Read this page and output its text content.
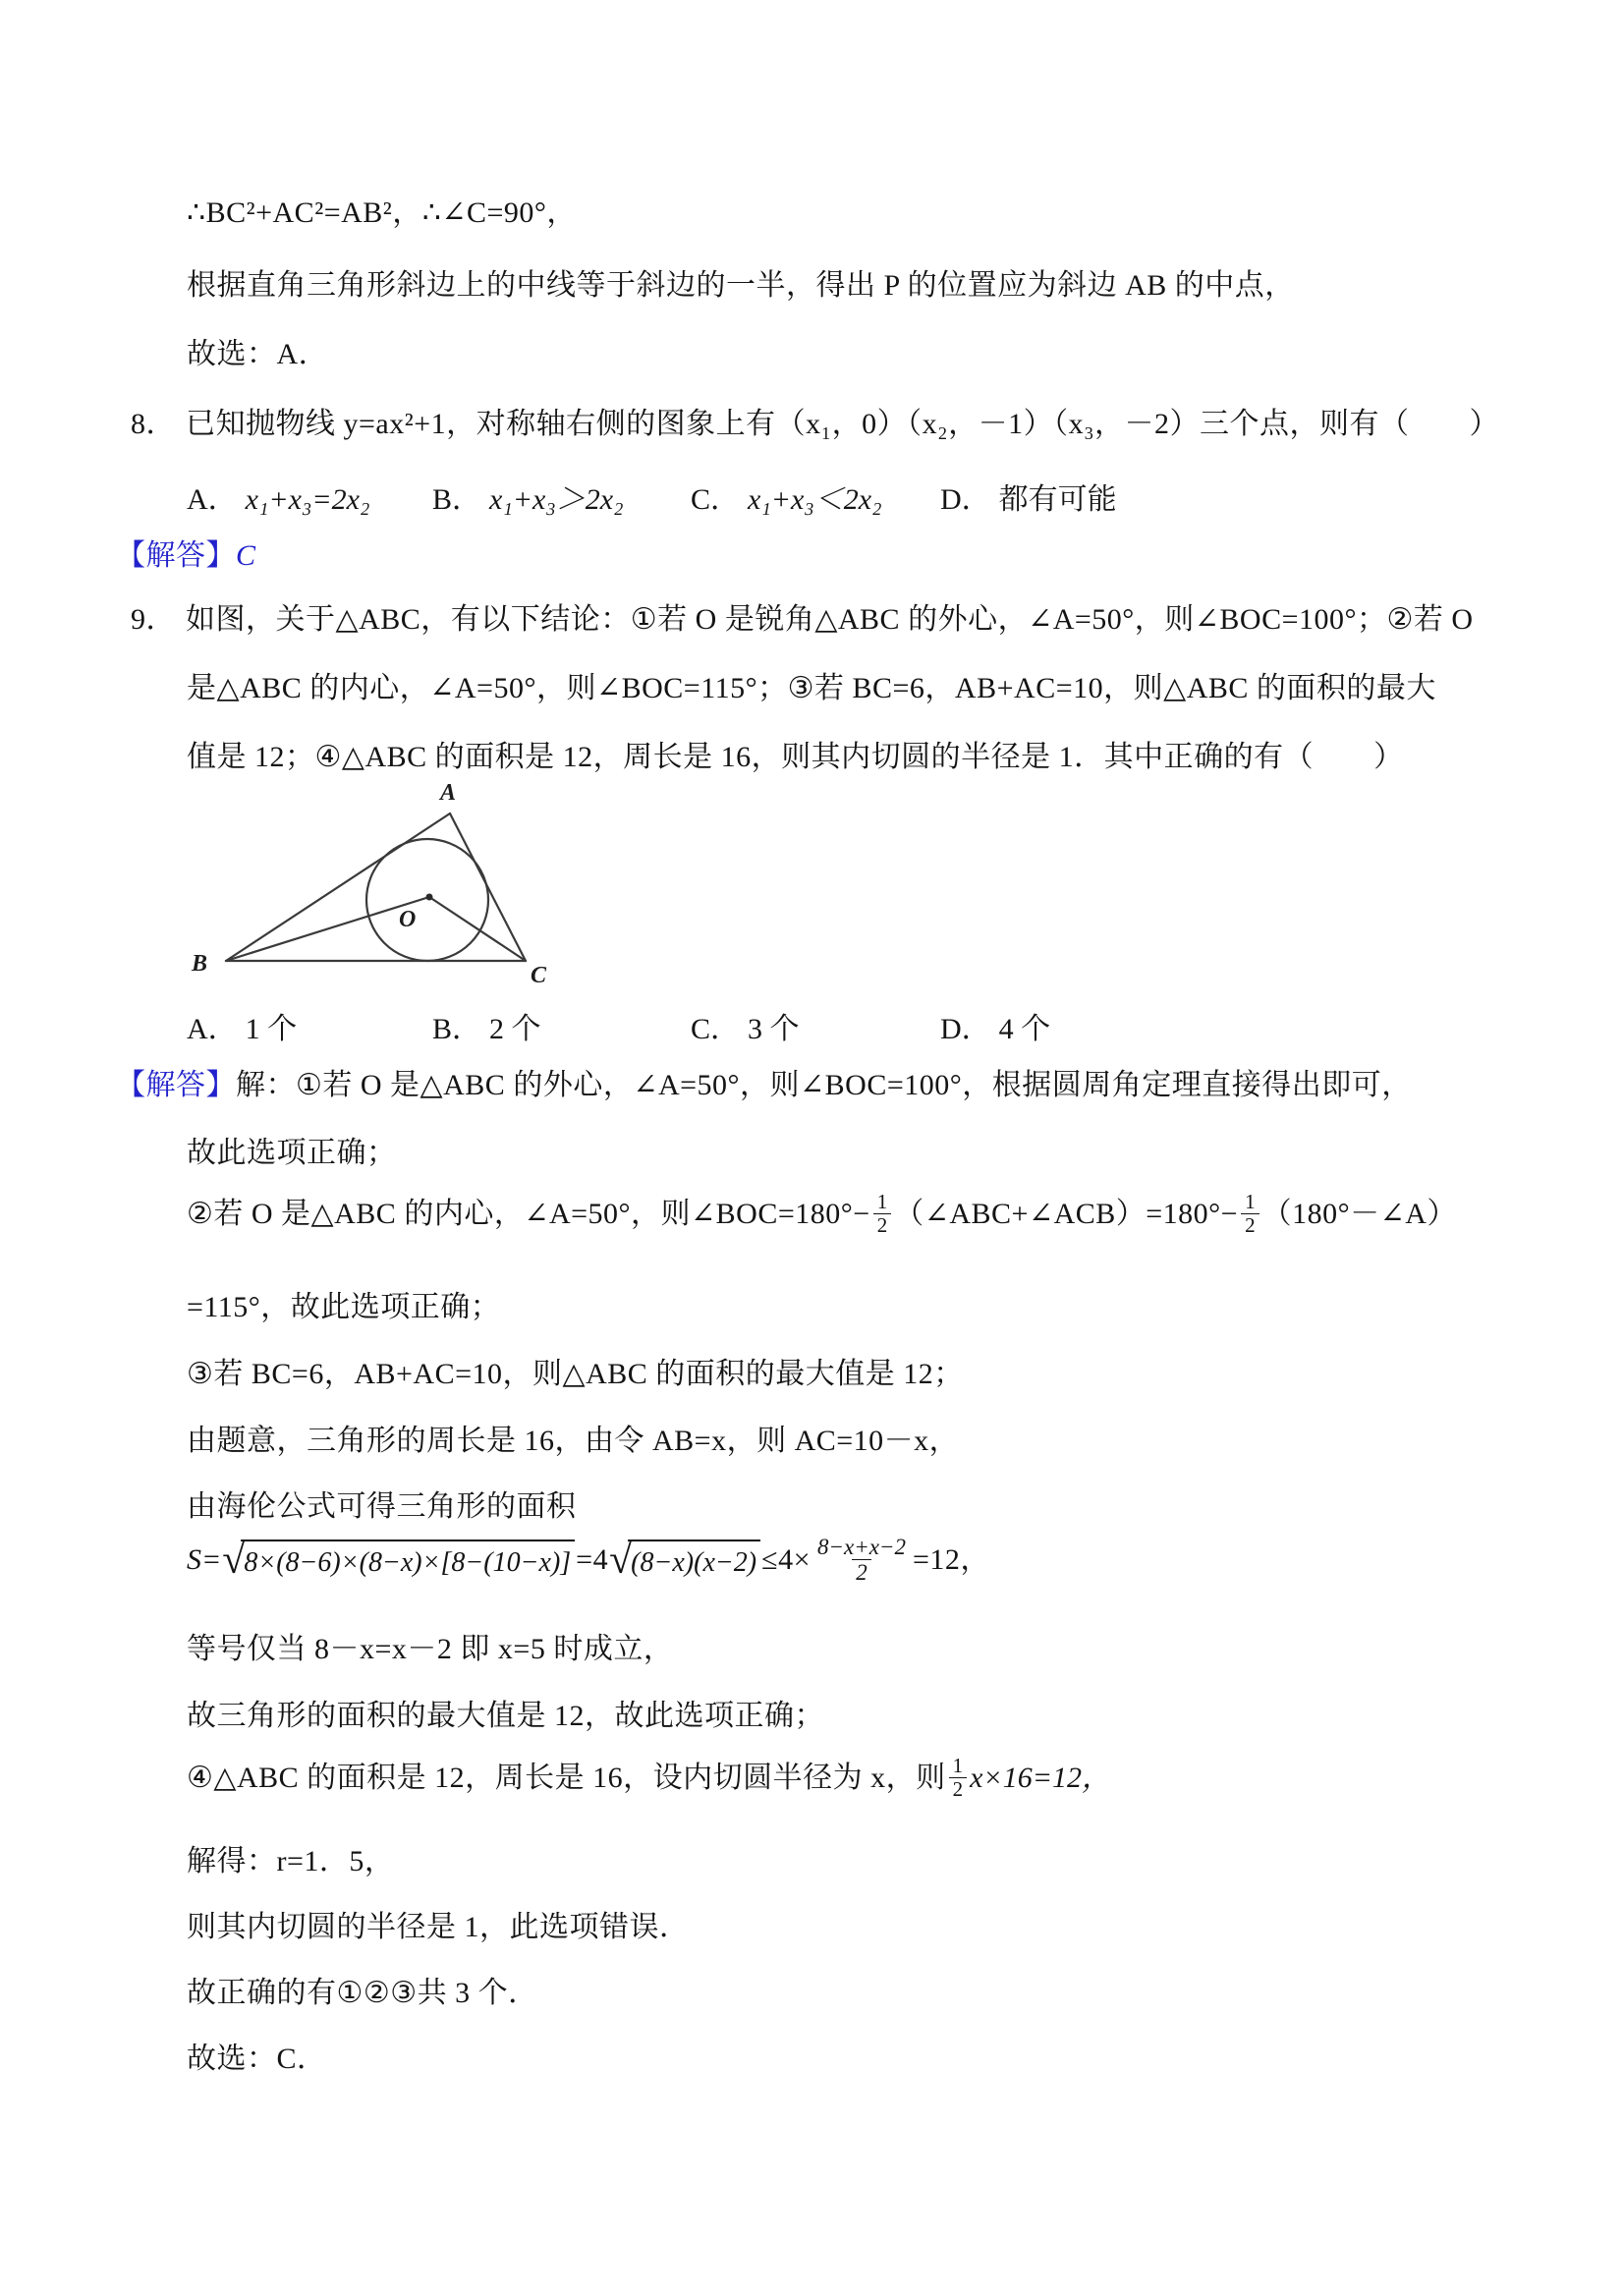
∴BC²+AC²=AB²，∴∠C=90°，
根据直角三角形斜边上的中线等于斜边的一半，得出 P 的位置应为斜边 AB 的中点，
故选：A．
8． 已知抛物线 y=ax²+1，对称轴右侧的图象上有（x₁，0）（x₂，－1）（x₃，－2）三个点，则有（　　）
A． x₁+x₃=2x₂ B． x₁+x₃＞2x₂ C． x₁+x₃＜2x₂ D． 都有可能
【解答】C
9． 如图，关于△ABC，有以下结论：①若 O 是锐角△ABC 的外心，∠A=50°，则∠BOC=100°；②若 O
是△ABC 的内心，∠A=50°，则∠BOC=115°；③若 BC=6，AB+AC=10，则△ABC 的面积的最大
值是 12；④△ABC 的面积是 12，周长是 16，则其内切圆的半径是 1．其中正确的有（　　）
A
B	C
O
A． 1 个	B． 2 个	C． 3 个	D． 4 个
【解答】解：①若 O 是△ABC 的外心，∠A=50°，则∠BOC=100°，根据圆周角定理直接得出即可，
故此选项正确；
②若 O 是△ABC 的内心，∠A=50°，则∠BOC=180°− $\frac{1}{2}$ （∠ABC+∠ACB）=180°− $\frac{1}{2}$ （180°－∠A）
=115°，故此选项正确；
③若 BC=6，AB+AC=10，则△ABC 的面积的最大值是 12；
由题意，三角形的周长是 16，由令 AB=x，则 AC=10－x，
由海伦公式可得三角形的面积
S= √ 8×(8−6)×(8−x)×[8−(10−x)] =4 √ $(8-x)(x-2) \le 4\times \frac{8-x+x-2}{2} =12$，
等号仅当 8－x=x－2 即 x=5 时成立，
故三角形的面积的最大值是 12，故此选项正确；
④△ABC 的面积是 12，周长是 16，设内切圆半径为 x，则 $\frac{1}{2} x\times 16=12$，
解得：r=1．5，
则其内切圆的半径是 1，此选项错误．
故正确的有①②③共 3 个．
故选：C．
